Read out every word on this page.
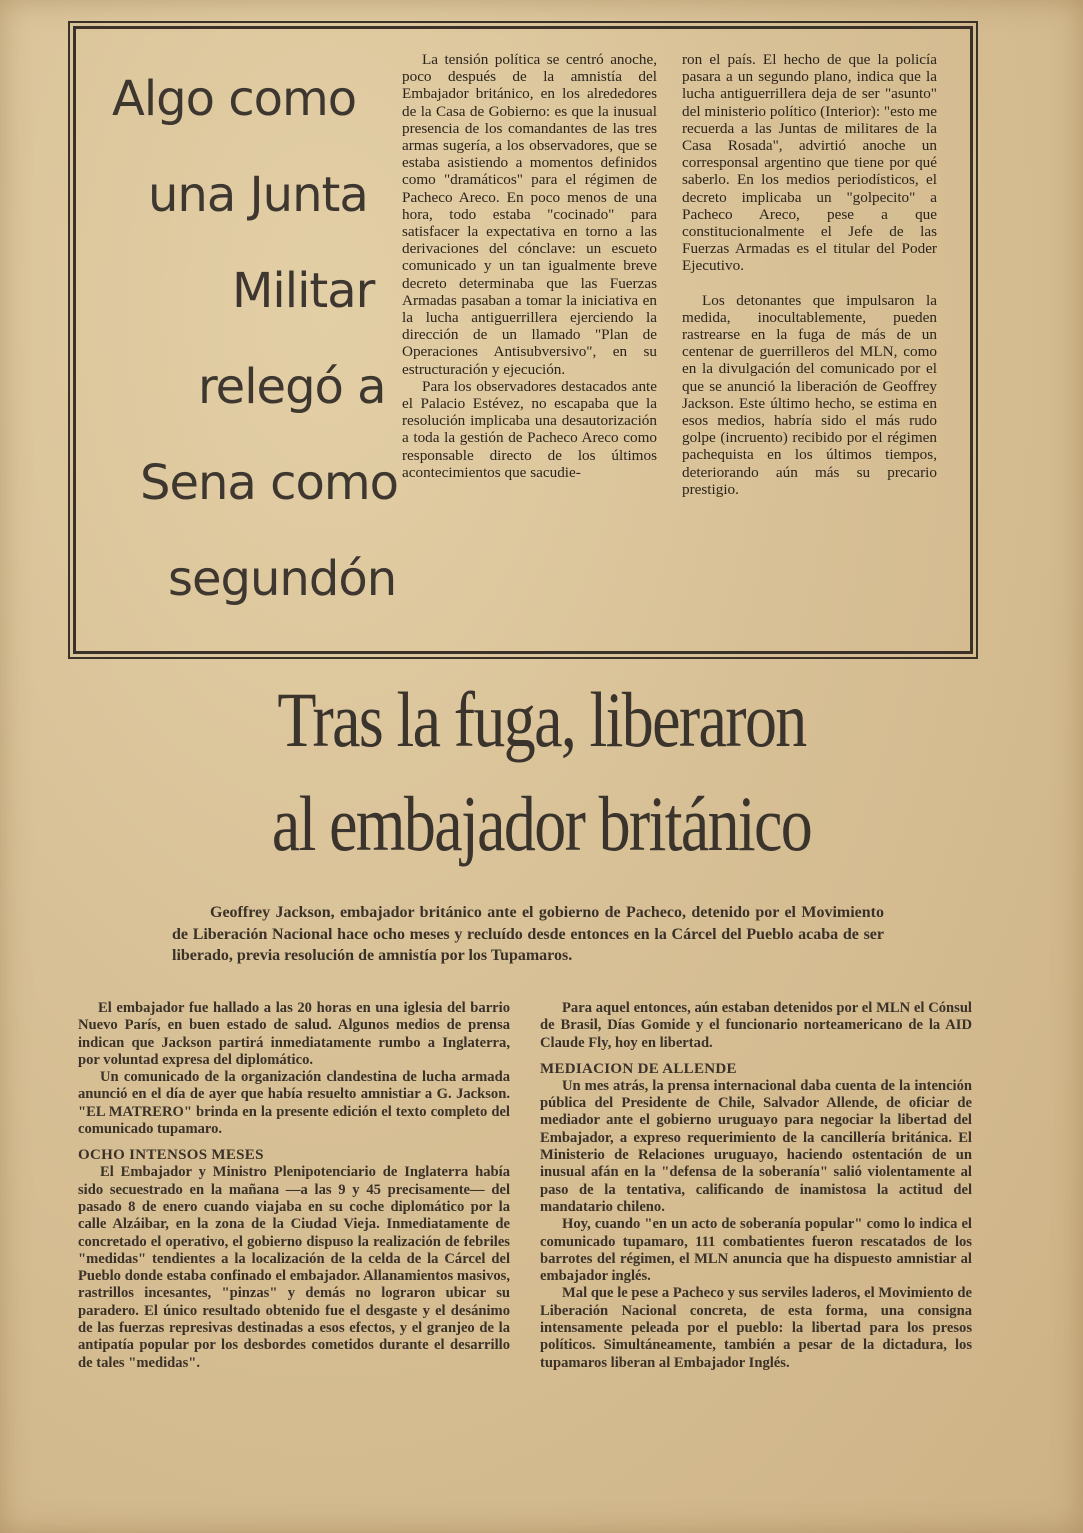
Algo como
una Junta
Militar
relegó a
Sena como
segundón

La tensión política se centró anoche, poco después de la amnistía del Embajador británico, en los alrededores de la Casa de Gobierno: es que la inusual presencia de los comandantes de las tres armas sugería, a los observadores, que se estaba asistiendo a momentos definidos como "dramáticos" para el régimen de Pacheco Areco. En poco menos de una hora, todo estaba "cocinado" para satisfacer la expectativa en torno a las derivaciones del cónclave: un escueto comunicado y un tan igualmente breve decreto determinaba que las Fuerzas Armadas pasaban a tomar la iniciativa en la lucha antiguerrillera ejerciendo la dirección de un llamado "Plan de Operaciones Antisubversivo", en su estructuración y ejecución.

Para los observadores destacados ante el Palacio Estévez, no escapaba que la resolución implicaba una desautorización a toda la gestión de Pacheco Areco como responsable directo de los últimos acontecimientos que sacudie-

ron el país. El hecho de que la policía pasara a un segundo plano, indica que la lucha antiguerrillera deja de ser "asunto" del ministerio político (Interior): "esto me recuerda a las Juntas de militares de la Casa Rosada", advirtió anoche un corresponsal argentino que tiene por qué saberlo. En los medios periodísticos, el decreto implicaba un "golpecito" a Pacheco Areco, pese a que constitucionalmente el Jefe de las Fuerzas Armadas es el titular del Poder Ejecutivo.

Los detonantes que impulsaron la medida, inocultablemente, pueden rastrearse en la fuga de más de un centenar de guerrilleros del MLN, como en la divulgación del comunicado por el que se anunció la liberación de Geoffrey Jackson. Este último hecho, se estima en esos medios, habría sido el más rudo golpe (incruento) recibido por el régimen pachequista en los últimos tiempos, deteriorando aún más su precario prestigio.

Tras la fuga, liberaron
al embajador británico
Geoffrey Jackson, embajador británico ante el gobierno de Pacheco, detenido por el Movimiento de Liberación Nacional hace ocho meses y recluído desde entonces en la Cárcel del Pueblo acaba de ser liberado, previa resolución de amnistía por los Tupamaros.

El embajador fue hallado a las 20 horas en una iglesia del barrio Nuevo París, en buen estado de salud. Algunos medios de prensa indican que Jackson partirá inmediatamente rumbo a Inglaterra, por voluntad expresa del diplomático.

Un comunicado de la organización clandestina de lucha armada anunció en el día de ayer que había resuelto amnistiar a G. Jackson. "EL MATRERO" brinda en la presente edición el texto completo del comunicado tupamaro.

OCHO INTENSOS MESES

El Embajador y Ministro Plenipotenciario de Inglaterra había sido secuestrado en la mañana —a las 9 y 45 precisamente— del pasado 8 de enero cuando viajaba en su coche diplomático por la calle Alzáibar, en la zona de la Ciudad Vieja. Inmediatamente de concretado el operativo, el gobierno dispuso la realización de febriles "medidas" tendientes a la localización de la celda de la Cárcel del Pueblo donde estaba confinado el embajador. Allanamientos masivos, rastrillos incesantes, "pinzas" y demás no lograron ubicar su paradero. El único resultado obtenido fue el desgaste y el desánimo de las fuerzas represivas destinadas a esos efectos, y el granjeo de la antipatía popular por los desbordes cometidos durante el desarrillo de tales "medidas".

Para aquel entonces, aún estaban detenidos por el MLN el Cónsul de Brasil, Días Gomide y el funcionario norteamericano de la AID Claude Fly, hoy en libertad.

MEDIACION DE ALLENDE

Un mes atrás, la prensa internacional daba cuenta de la intención pública del Presidente de Chile, Salvador Allende, de oficiar de mediador ante el gobierno uruguayo para negociar la libertad del Embajador, a expreso requerimiento de la cancillería británica. El Ministerio de Relaciones uruguayo, haciendo ostentación de un inusual afán en la "defensa de la soberanía" salió violentamente al paso de la tentativa, calificando de inamistosa la actitud del mandatario chileno.

Hoy, cuando "en un acto de soberanía popular" como lo indica el comunicado tupamaro, 111 combatientes fueron rescatados de los barrotes del régimen, el MLN anuncia que ha dispuesto amnistiar al embajador inglés.

Mal que le pese a Pacheco y sus serviles laderos, el Movimiento de Liberación Nacional concreta, de esta forma, una consigna intensamente peleada por el pueblo: la libertad para los presos políticos. Simultáneamente, también a pesar de la dictadura, los tupamaros liberan al Embajador Inglés.
